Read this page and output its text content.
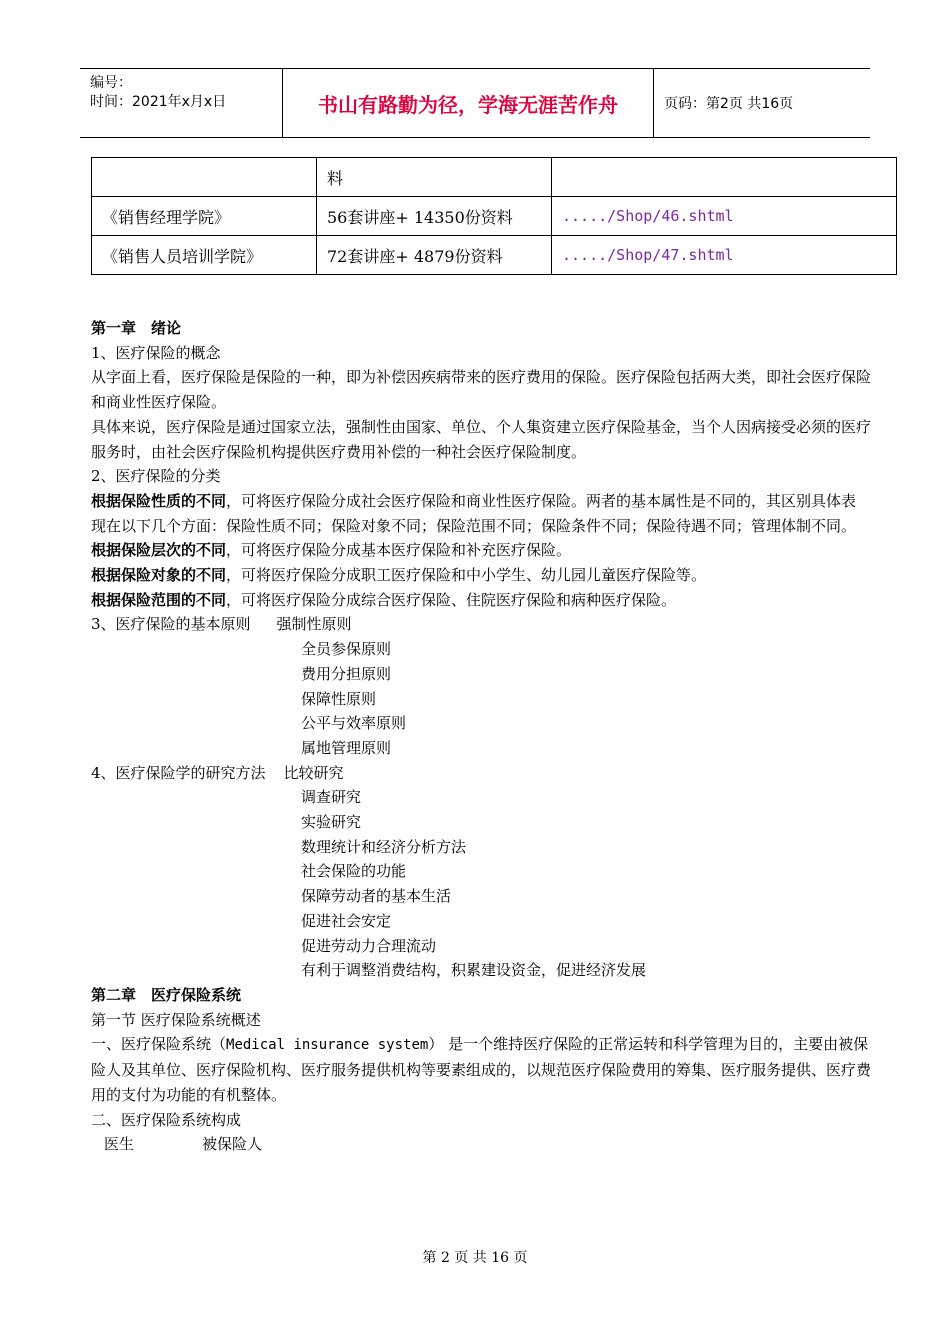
编号：
时间：2021年x月x日	书山有路勤为径，学海无涯苦作舟	页码：第2页 共16页
	料	
《销售经理学院》	56套讲座+ 14350份资料	...../Shop/46.shtml
《销售人员培训学院》	72套讲座+ 4879份资料	...../Shop/47.shtml

第一章　绪论

1、医疗保险的概念

从字面上看，医疗保险是保险的一种，即为补偿因疾病带来的医疗费用的保险。医疗保险包括两大类，即社会医疗保险和商业性医疗保险。

具体来说，医疗保险是通过国家立法，强制性由国家、单位、个人集资建立医疗保险基金，当个人因病接受必须的医疗服务时，由社会医疗保险机构提供医疗费用补偿的一种社会医疗保险制度。

2、医疗保险的分类

根据保险性质的不同，可将医疗保险分成社会医疗保险和商业性医疗保险。两者的基本属性是不同的，其区别具体表现在以下几个方面：保险性质不同；保险对象不同；保险范围不同；保险条件不同；保险待遇不同；管理体制不同。

根据保险层次的不同，可将医疗保险分成基本医疗保险和补充医疗保险。

根据保险对象的不同，可将医疗保险分成职工医疗保险和中小学生、幼儿园儿童医疗保险等。

根据保险范围的不同，可将医疗保险分成综合医疗保险、住院医疗保险和病种医疗保险。

3、医疗保险的基本原则 强制性原则

全员参保原则

费用分担原则

保障性原则

公平与效率原则

属地管理原则

4、医疗保险学的研究方法 比较研究

调查研究

实验研究

数理统计和经济分析方法

社会保险的功能

保障劳动者的基本生活

促进社会安定

促进劳动力合理流动

有利于调整消费结构，积累建设资金，促进经济发展

第二章　医疗保险系统

第一节 医疗保险系统概述

一、医疗保险系统（Medical insurance system） 是一个维持医疗保险的正常运转和科学管理为目的，主要由被保险人及其单位、医疗保险机构、医疗服务提供机构等要素组成的，以规范医疗保险费用的筹集、医疗服务提供、医疗费用的支付为功能的有机整体。

二、医疗保险系统构成

医生	被保险人

第 2 页 共 16 页
